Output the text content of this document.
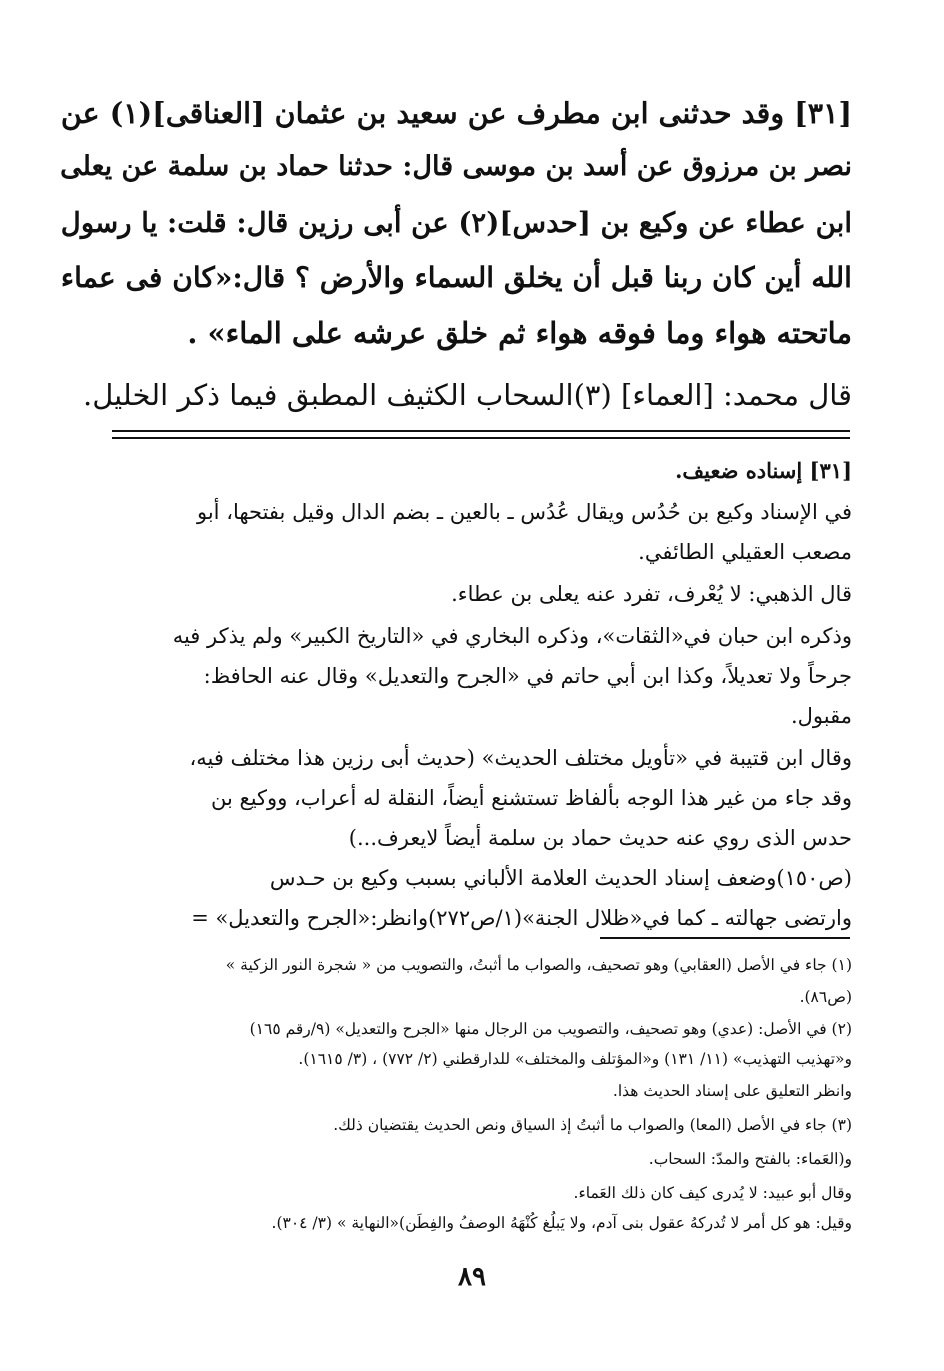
[٣١] وقد حدثنى ابن مطرف عن سعيد بن عثمان [العناقى](١) عن
نصر بن مرزوق عن أسد بن موسى قال: حدثنا حماد بن سلمة عن يعلى
ابن عطاء عن وكيع بن [حدس](٢) عن أبى رزين قال: قلت: يا رسول
الله أين كان ربنا قبل أن يخلق السماء والأرض ؟ قال:«كان فى عماء
ماتحته هواء وما فوقه هواء ثم خلق عرشه على الماء» .
قال محمد: [العماء] (٣)السحاب الكثيف المطبق فيما ذكر الخليل.
[٣١] إسناده ضعيف.
في الإسناد وكيع بن حُدُس ويقال عُدُس ـ بالعين ـ بضم الدال وقيل بفتحها، أبو
مصعب العقيلي الطائفي.
قال الذهبي: لا يُعْرف، تفرد عنه يعلى بن عطاء.
وذكره ابن حبان في«الثقات»، وذكره البخاري في «التاريخ الكبير» ولم يذكر فيه
جرحاً ولا تعديلاً، وكذا ابن أبي حاتم في «الجرح والتعديل» وقال عنه الحافظ:
مقبول.
وقال ابن قتيبة في «تأويل مختلف الحديث» (حديث أبى رزين هذا مختلف فيه،
وقد جاء من غير هذا الوجه بألفاظ تستشنع أيضاً، النقلة له أعراب، ووكيع بن
حدس الذى روي عنه حديث حماد بن سلمة أيضاً لايعرف...)
(ص١٥٠)وضعف إسناد الحديث العلامة الألباني بسبب وكيع بن حـدس
وارتضى جهالته ـ كما في«ظلال الجنة»(١/ص٢٧٢)وانظر:«الجرح والتعديل» =
(١) جاء في الأصل (العقابي) وهو تصحيف، والصواب ما أثبتُ، والتصويب من « شجرة النور الزكية »
(ص٨٦).
(٢) في الأصل: (عدي) وهو تصحيف، والتصويب من الرجال منها «الجرح والتعديل» (٩/رقم ١٦٥)
و«تهذيب التهذيب» (١١/ ١٣١) و«المؤتلف والمختلف» للدارقطني (٢/ ٧٧٢) ، (٣/ ١٦١٥).
وانظر التعليق على إسناد الحديث هذا.
(٣) جاء في الأصل (المعا) والصواب ما أثبتُ إذ السياق ونص الحديث يقتضيان ذلك.
و(العَماء: بالفتح والمدّ: السحاب.
وقال أبو عبيد: لا يُدرى كيف كان ذلك العَماء.
وقيل: هو كل أمر لا تُدركهُ عقول بنى آدم، ولا يَبلُغ كُنْهَهُ الوصفُ والفِطَن)«النهاية » (٣/ ٣٠٤).
٨٩
